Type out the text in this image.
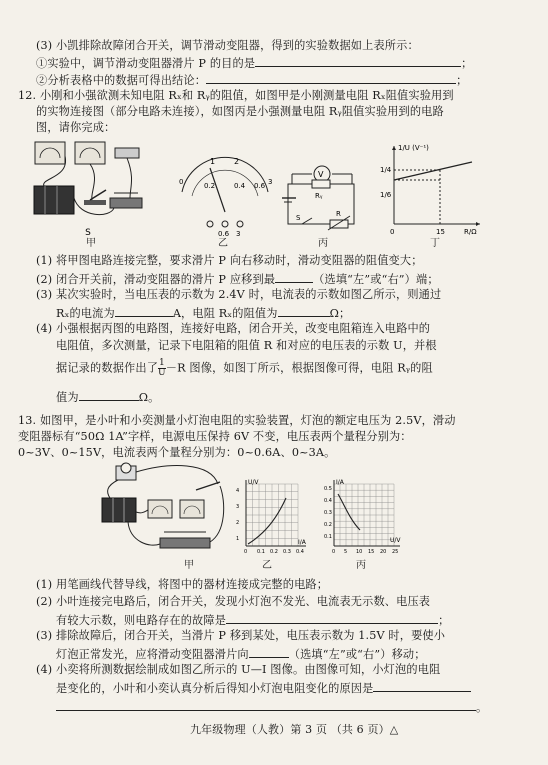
(3) 小凯排除故障闭合开关，调节滑动变阻器，得到的实验数据如上表所示：
①实验中，调节滑动变阻器滑片 P 的目的是	；
②分析表格中的数据可得出结论：	；
12. 小刚和小强欲测未知电阻 Rₓ和 Rᵧ的阻值，如图甲是小刚测量电阻 Rₓ阻值实验用到
的实物连接图（部分电路未连接），如图丙是小强测量电阻 Rᵧ阻值实验用到的电路
图，请你完成：
S
甲
1 2
0	0.2	0.4 0.6 3
0.6 3
乙
V
Rᵧ
S	R
丙
1/U (V⁻¹)
1/4
1/6
0	15	R/Ω
丁
(1) 将甲图电路连接完整，要求滑片 P 向右移动时，滑动变阻器的阻值变大；
(2) 闭合开关前，滑动变阻器的滑片 P 应移到最	（选填“左”或“右”）端；
(3) 某次实验时，当电压表的示数为 2.4V 时，电流表的示数如图乙所示，则通过
Rₓ的电流为	A，电阻 Rₓ的阻值为	Ω；
(4) 小强根据丙图的电路图，连接好电路，闭合开关，改变电阻箱连入电路中的
电阻值，多次测量，记录下电阻箱的阻值 R 和对应的电压表的示数 U，并根
据记录的数据作出了 $\frac{1}{U} -R$ 图像，如图丁所示，根据图像可得，电阻 Rᵧ的阻
值为	Ω。
13. 如图甲，是小叶和小奕测量小灯泡电阻的实验装置，灯泡的额定电压为 2.5V，滑动
变阻器标有“50Ω 1A”字样，电源电压保持 6V 不变，电压表两个量程分别为：
0~3V、0~15V，电流表两个量程分别为：0~0.6A、0~3A。
甲
U/V
I/A
0 0.1 0.2 0.3 0.4
4
3
2
1
乙
I/A
U/V
0 5 10 15 20 25
0.5
0.4
0.3
0.2
0.1
丙
(1) 用笔画线代替导线，将图中的器材连接成完整的电路；
(2) 小叶连接完电路后，闭合开关，发现小灯泡不发光、电流表无示数、电压表
有较大示数，则电路存在的故障是	；
(3) 排除故障后，闭合开关，当滑片 P 移到某处，电压表示数为 1.5V 时，要使小
灯泡正常发光，应将滑动变阻器滑片向	（选填“左”或“右”）移动；
(4) 小奕将所测数据绘制成如图乙所示的 U—I 图像。由图像可知，小灯泡的电阻
是变化的，小叶和小奕认真分析后得知小灯泡电阻变化的原因是
。
九年级物理（人教）第 3 页 （共 6 页）△
